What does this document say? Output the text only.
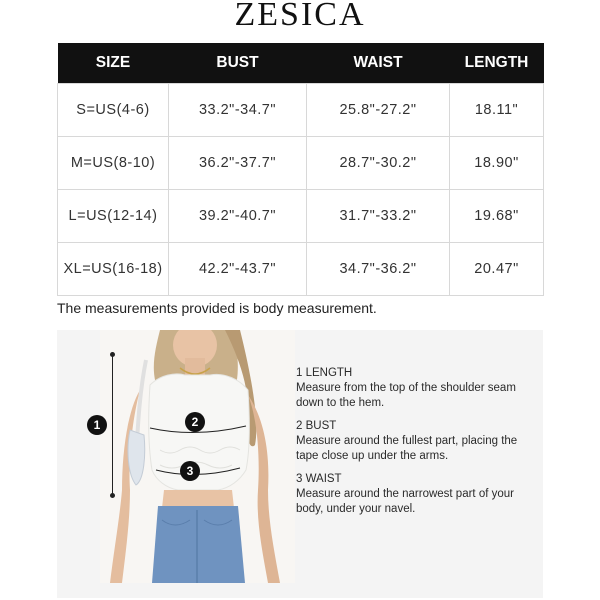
ZESICA
SIZE	BUST	WAIST	LENGTH
S=US(4-6)	33.2"-34.7"	25.8"-27.2"	18.11"
M=US(8-10)	36.2"-37.7"	28.7"-30.2"	18.90"
L=US(12-14)	39.2"-40.7"	31.7"-33.2"	19.68"
XL=US(16-18)	42.2"-43.7"	34.7"-36.2"	20.47"
The measurements provided is body measurement.
1	2
3
1 LENGTH
Measure from the top of the shoulder seam down to the hem.
2 BUST
Measure around the fullest part, placing the tape close up under the arms.
3 WAIST
Measure around the narrowest part of your body, under your navel.
